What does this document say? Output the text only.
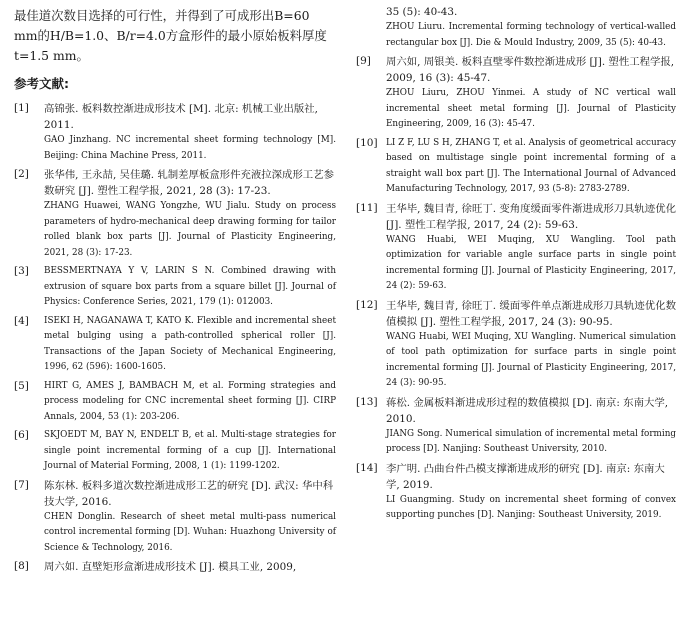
最佳道次数目选择的可行性，并得到了可成形出B=60 mm的H/B=1.0、B/r=4.0方盒形件的最小原始板料厚度t=1.5 mm。

参考文献:
[1]	高锦张. 板料数控渐进成形技术 [M]. 北京: 机械工业出版社, 2011.
GAO Jinzhang. NC incremental sheet forming technology [M]. Beijing: China Machine Press, 2011.
[2]	张华伟, 王永喆, 吴佳璐. 轧制差厚板盒形件充液拉深成形工艺参数研究 [J]. 塑性工程学报, 2021, 28 (3): 17-23.
ZHANG Huawei, WANG Yongzhe, WU Jialu. Study on process parameters of hydro-mechanical deep drawing forming for tailor rolled blank box parts [J]. Journal of Plasticity Engineering, 2021, 28 (3): 17-23.
[3]	BESSMERTNAYA Y V, LARIN S N. Combined drawing with extrusion of square box parts from a square billet [J]. Journal of Physics: Conference Series, 2021, 179 (1): 012003.
[4]	ISEKI H, NAGANAWA T, KATO K. Flexible and incremental sheet metal bulging using a path-controlled spherical roller [J]. Transactions of the Japan Society of Mechanical Engineering, 1996, 62 (596): 1600-1605.
[5]	HIRT G, AMES J, BAMBACH M, et al. Forming strategies and process modeling for CNC incremental sheet forming [J]. CIRP Annals, 2004, 53 (1): 203-206.
[6]	SKJOEDT M, BAY N, ENDELT B, et al. Multi-stage strategies for single point incremental forming of a cup [J]. International Journal of Material Forming, 2008, 1 (1): 1199-1202.
[7]	陈东林. 板料多道次数控渐进成形工艺的研究 [D]. 武汉: 华中科技大学, 2016.
CHEN Donglin. Research of sheet metal multi-pass numerical control incremental forming [D]. Wuhan: Huazhong University of Science & Technology, 2016.
[8]	周六如. 直壁矩形盒渐进成形技术 [J]. 模具工业, 2009,
35 (5): 40-43.
ZHOU Liuru. Incremental forming technology of vertical-walled rectangular box [J]. Die & Mould Industry, 2009, 35 (5): 40-43.
[9]	周六如, 周银美. 板料直壁零件数控渐进成形 [J]. 塑性工程学报, 2009, 16 (3): 45-47.
ZHOU Liuru, ZHOU Yinmei. A study of NC vertical wall incremental sheet metal forming [J]. Journal of Plasticity Engineering, 2009, 16 (3): 45-47.
[10] LI Z F, LU S H, ZHANG T, et al. Analysis of geometrical accuracy based on multistage single point incremental forming of a straight wall box part [J]. The International Journal of Advanced Manufacturing Technology, 2017, 93 (5-8): 2783-2789.
[11] 王华毕, 魏目青, 徐旺丁. 变角度缓面零件渐进成形刀具轨迹优化 [J]. 塑性工程学报, 2017, 24 (2): 59-63.
WANG Huabi, WEI Muqing, XU Wangling. Tool path optimization for variable angle surface parts in single point incremental forming [J]. Journal of Plasticity Engineering, 2017, 24 (2): 59-63.
[12] 王华毕, 魏目青, 徐旺丁. 缓面零件单点渐进成形刀具轨迹优化数值模拟 [J]. 塑性工程学报, 2017, 24 (3): 90-95.
WANG Huabi, WEI Muqing, XU Wangling. Numerical simulation of tool path optimization for surface parts in single point incremental forming [J]. Journal of Plasticity Engineering, 2017, 24 (3): 90-95.
[13] 蒋松. 金属板料渐进成形过程的数值模拟 [D]. 南京: 东南大学, 2010.
JIANG Song. Numerical simulation of incremental metal forming process [D]. Nanjing: Southeast University, 2010.
[14] 李广明. 凸曲台件凸模支撑渐进成形的研究 [D]. 南京: 东南大学, 2019.
LI Guangming. Study on incremental sheet forming of convex supporting punches [D]. Nanjing: Southeast University, 2019.
